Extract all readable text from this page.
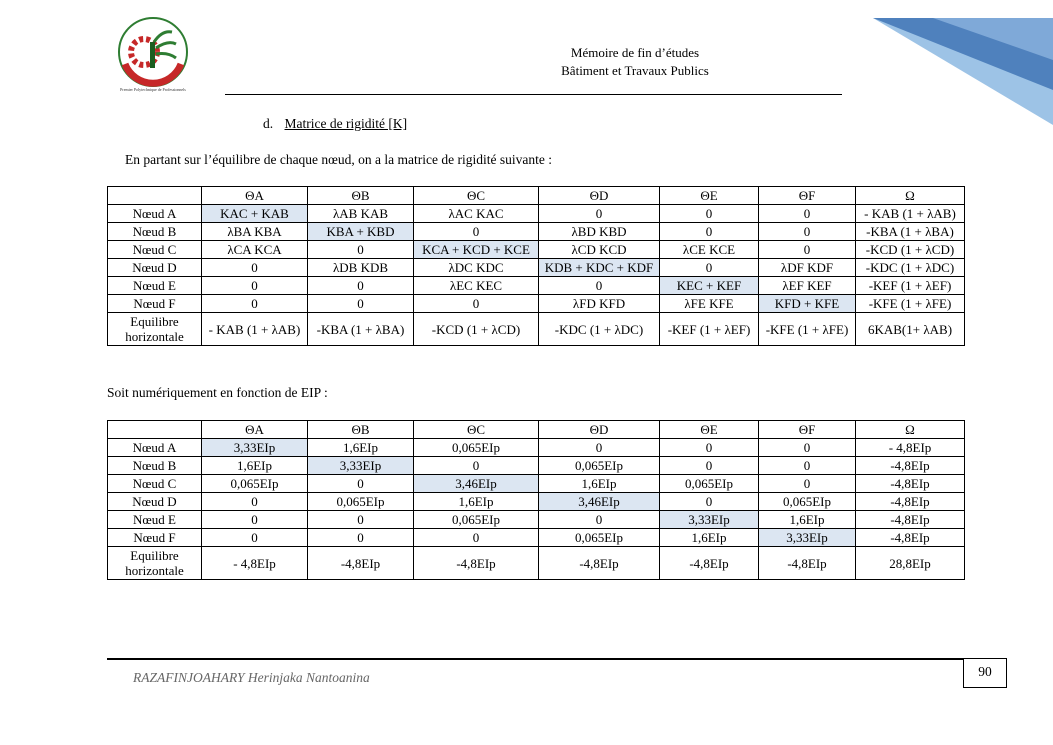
Premier Polytechnique de Professionnels
Mémoire de fin d’études
Bâtiment et Travaux Publics
d. Matrice de rigidité [K]
En partant sur l’équilibre de chaque nœud, on a la matrice de rigidité suivante :
	ΘA	ΘB	ΘC	ΘD	ΘE	ΘF	Ω
Nœud A	KAC + KAB	λAB KAB	λAC KAC	0	0	0	- KAB (1 + λAB)
Nœud B	λBA KBA	KBA + KBD	0	λBD KBD	0	0	-KBA (1 + λBA)
Nœud C	λCA KCA	0	KCA + KCD + KCE	λCD KCD	λCE KCE	0	-KCD (1 + λCD)
Nœud D	0	λDB KDB	λDC KDC	KDB + KDC + KDF	0	λDF KDF	-KDC (1 + λDC)
Nœud E	0	0	λEC KEC	0	KEC + KEF	λEF KEF	-KEF (1 + λEF)
Nœud F	0	0	0	λFD KFD	λFE KFE	KFD + KFE	-KFE (1 + λFE)
Equilibre horizontale	- KAB (1 + λAB)	-KBA (1 + λBA)	-KCD (1 + λCD)	-KDC (1 + λDC)	-KEF (1 + λEF)	-KFE (1 + λFE)	6KAB(1+ λAB)
Soit numériquement en fonction de EIP :
	ΘA	ΘB	ΘC	ΘD	ΘE	ΘF	Ω
Nœud A	3,33EIp	1,6EIp	0,065EIp	0	0	0	- 4,8EIp
Nœud B	1,6EIp	3,33EIp	0	0,065EIp	0	0	-4,8EIp
Nœud C	0,065EIp	0	3,46EIp	1,6EIp	0,065EIp	0	-4,8EIp
Nœud D	0	0,065EIp	1,6EIp	3,46EIp	0	0,065EIp	-4,8EIp
Nœud E	0	0	0,065EIp	0	3,33EIp	1,6EIp	-4,8EIp
Nœud F	0	0	0	0,065EIp	1,6EIp	3,33EIp	-4,8EIp
Equilibre horizontale	- 4,8EIp	-4,8EIp	-4,8EIp	-4,8EIp	-4,8EIp	-4,8EIp	28,8EIp
RAZAFINJOAHARY Herinjaka Nantoanina	90
